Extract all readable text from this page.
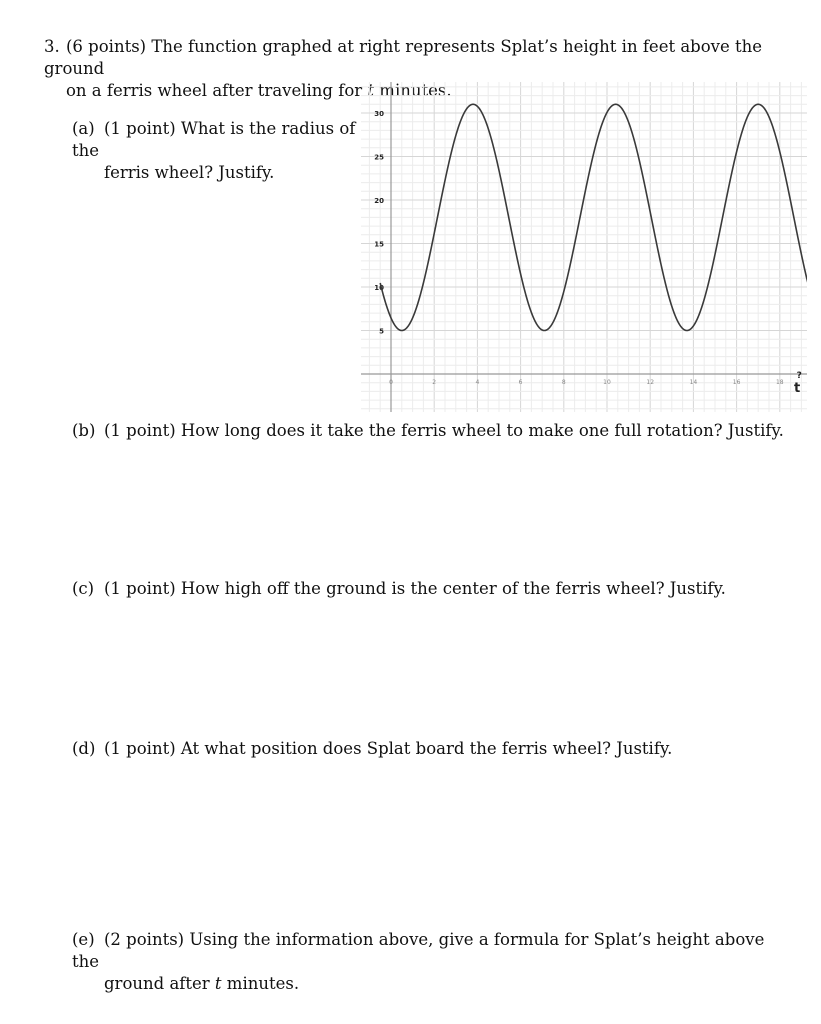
3. (6 points) The function graphed at right represents Splat’s height in feet above the ground
on a ferris wheel after traveling for t minutes.
(a) (1 point) What is the radius of the
ferris wheel? Justify.
0	2	4	6	8	10	12	14	16	18
5
10
15
20
25
30
t
?
(b) (1 point) How long does it take the ferris wheel to make one full rotation? Justify.
(c) (1 point) How high off the ground is the center of the ferris wheel? Justify.
(d) (1 point) At what position does Splat board the ferris wheel? Justify.
(e) (2 points) Using the information above, give a formula for Splat’s height above the
ground after t minutes.
